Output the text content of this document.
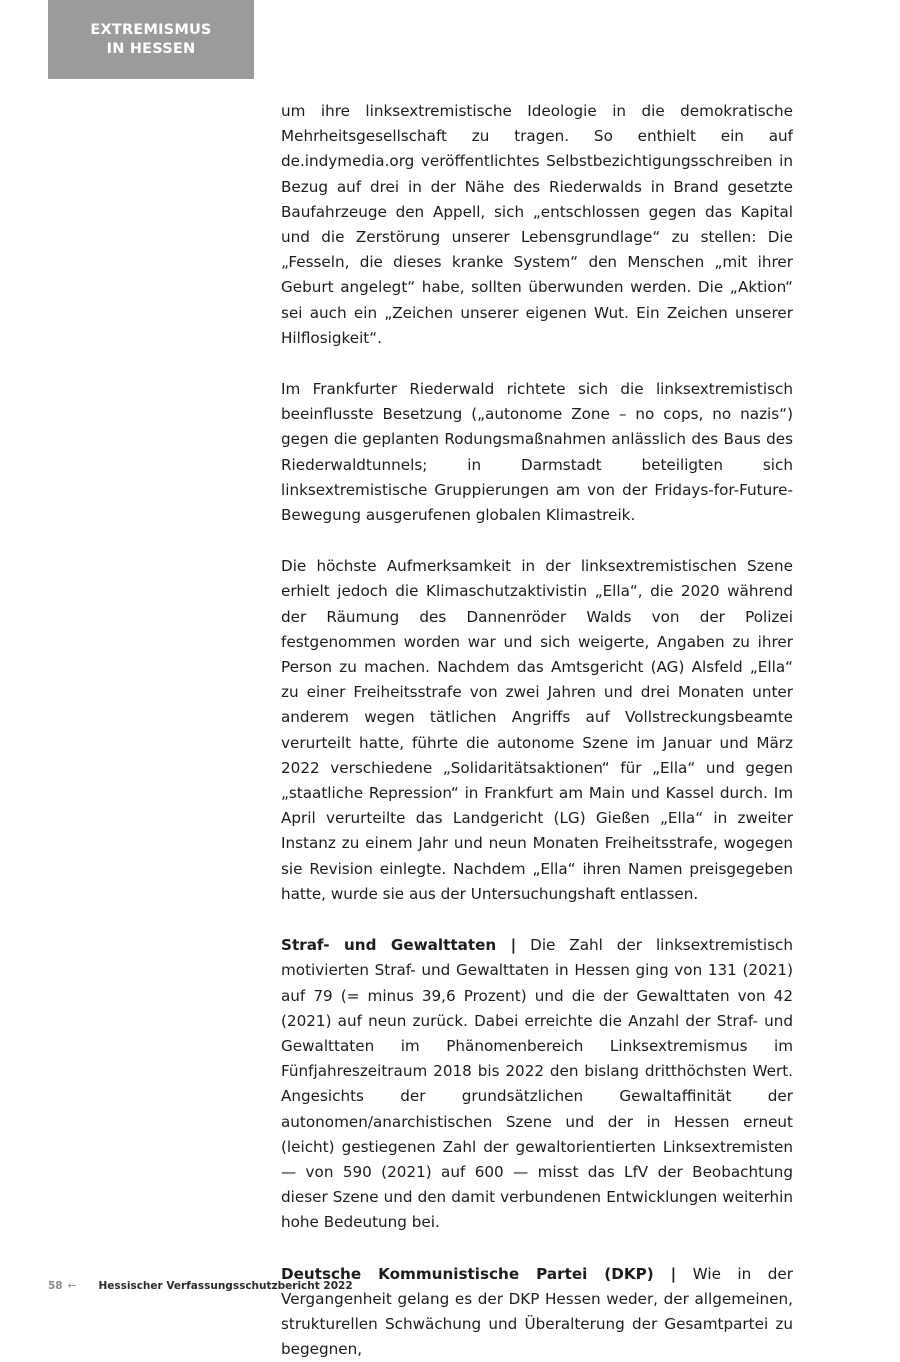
EXTREMISMUS
IN HESSEN

um ihre linksextremistische Ideologie in die demokratische Mehrheitsgesellschaft zu tragen. So enthielt ein auf de.indymedia.org veröffentlichtes Selbstbezichtigungsschreiben in Bezug auf drei in der Nähe des Riederwalds in Brand gesetzte Baufahrzeuge den Appell, sich „entschlossen gegen das Kapital und die Zerstörung unserer Lebensgrundlage“ zu stellen: Die „Fesseln, die dieses kranke System“ den Menschen „mit ihrer Geburt angelegt“ habe, sollten überwunden werden. Die „Aktion“ sei auch ein „Zeichen unserer eigenen Wut. Ein Zeichen unserer Hilflosigkeit“.

Im Frankfurter Riederwald richtete sich die linksextremistisch beeinflusste Besetzung („autonome Zone – no cops, no nazis“) gegen die geplanten Rodungsmaßnahmen anlässlich des Baus des Riederwaldtunnels; in Darmstadt beteiligten sich linksextremistische Gruppierungen am von der Fridays-for-Future-Bewegung ausgerufenen globalen Klimastreik.

Die höchste Aufmerksamkeit in der linksextremistischen Szene erhielt jedoch die Klimaschutzaktivistin „Ella“, die 2020 während der Räumung des Dannenröder Walds von der Polizei festgenommen worden war und sich weigerte, Angaben zu ihrer Person zu machen. Nachdem das Amtsgericht (AG) Alsfeld „Ella“ zu einer Freiheitsstrafe von zwei Jahren und drei Monaten unter anderem wegen tätlichen Angriffs auf Vollstreckungsbeamte verurteilt hatte, führte die autonome Szene im Januar und März 2022 verschiedene „Solidaritätsaktionen“ für „Ella“ und gegen „staatliche Repression“ in Frankfurt am Main und Kassel durch. Im April verurteilte das Landgericht (LG) Gießen „Ella“ in zweiter Instanz zu einem Jahr und neun Monaten Freiheitsstrafe, wogegen sie Revision einlegte. Nachdem „Ella“ ihren Namen preisgegeben hatte, wurde sie aus der Untersuchungshaft entlassen.

Straf- und Gewalttaten | Die Zahl der linksextremistisch motivierten Straf- und Gewalttaten in Hessen ging von 131 (2021) auf 79 (= minus 39,6 Prozent) und die der Gewalttaten von 42 (2021) auf neun zurück. Dabei erreichte die Anzahl der Straf- und Gewalttaten im Phänomenbereich Linksextremismus im Fünfjahreszeitraum 2018 bis 2022 den bislang dritthöchsten Wert. Angesichts der grundsätzlichen Gewaltaffinität der autonomen/anarchistischen Szene und der in Hessen erneut (leicht) gestiegenen Zahl der gewaltorientierten Linksextremisten — von 590 (2021) auf 600 — misst das LfV der Beobachtung dieser Szene und den damit verbundenen Entwicklungen weiterhin hohe Bedeutung bei.

Deutsche Kommunistische Partei (DKP) | Wie in der Vergangenheit gelang es der DKP Hessen weder, der allgemeinen, strukturellen Schwächung und Überalterung der Gesamtpartei zu begegnen,

58 ← Hessischer Verfassungsschutzbericht 2022
